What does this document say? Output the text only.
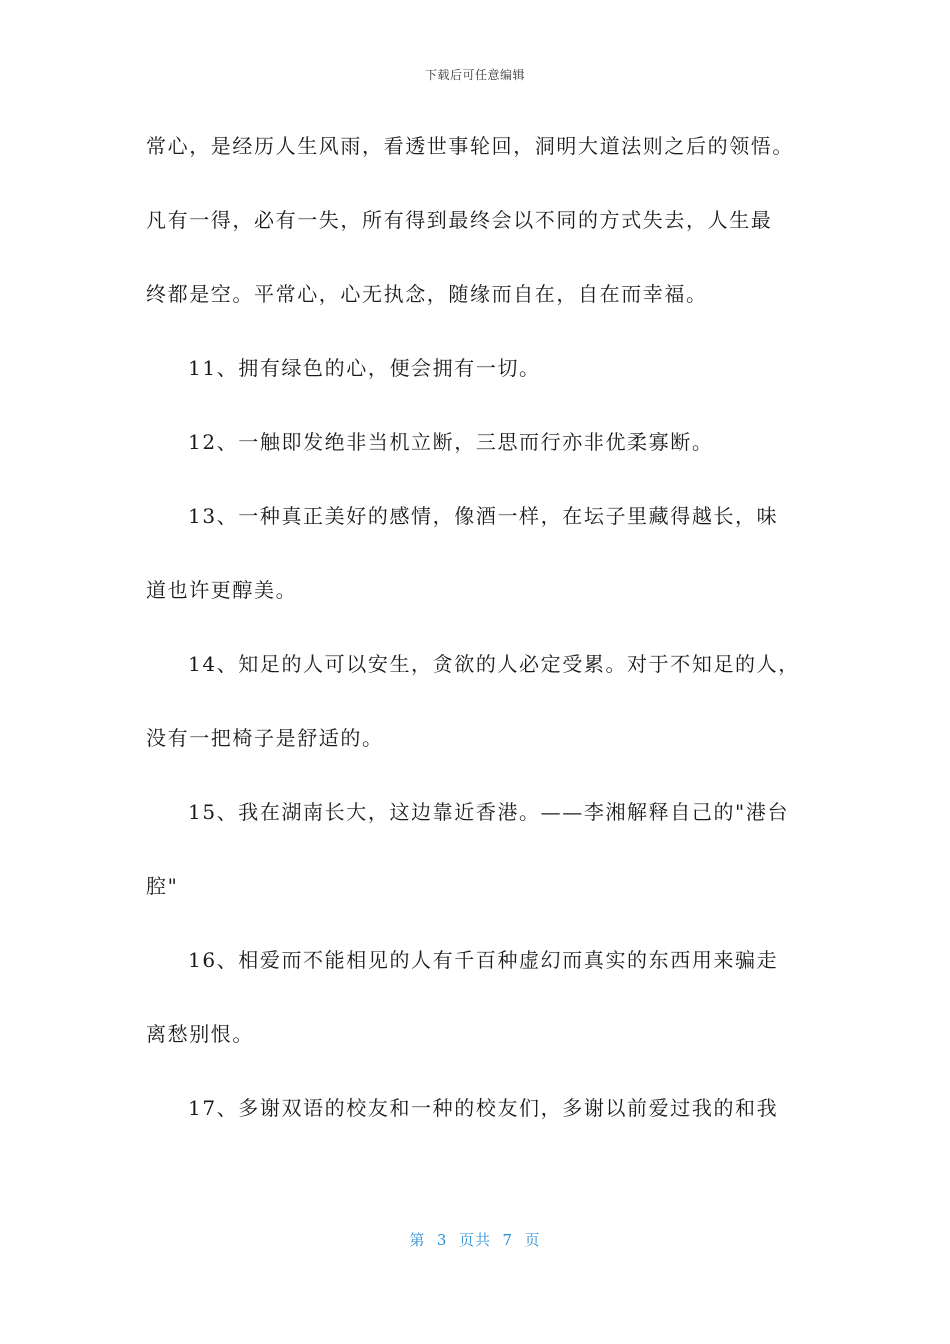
下载后可任意编辑
常心，是经历人生风雨，看透世事轮回，洞明大道法则之后的领悟。
凡有一得，必有一失，所有得到最终会以不同的方式失去，人生最
终都是空。平常心，心无执念，随缘而自在，自在而幸福。
11、拥有绿色的心，便会拥有一切。
12、一触即发绝非当机立断，三思而行亦非优柔寡断。
13、一种真正美好的感情，像酒一样，在坛子里藏得越长，味
道也许更醇美。
14、知足的人可以安生，贪欲的人必定受累。对于不知足的人，
没有一把椅子是舒适的。
15、我在湖南长大，这边靠近香港。——李湘解释自己的"港台
腔"
16、相爱而不能相见的人有千百种虚幻而真实的东西用来骗走
离愁别恨。
17、多谢双语的校友和一种的校友们，多谢以前爱过我的和我
第  3  页共  7  页
